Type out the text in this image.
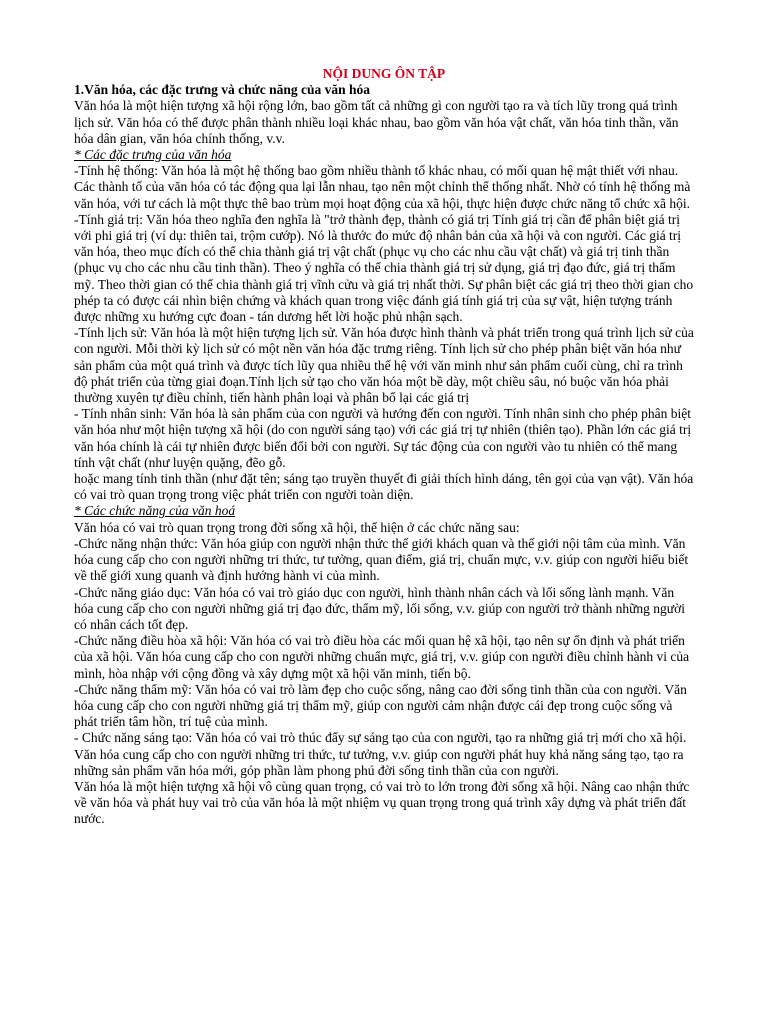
NỘI DUNG ÔN TẬP

1.Văn hóa, các đặc trưng và chức năng của văn hóa

Văn hóa là một hiện tượng xã hội rộng lớn, bao gồm tất cả những gì con người tạo ra và tích lũy trong quá trình lịch sử. Văn hóa có thể được phân thành nhiều loại khác nhau, bao gồm văn hóa vật chất, văn hóa tinh thần, văn hóa dân gian, văn hóa chính thống, v.v.

* Các đặc trưng của văn hóa

-Tính hệ thống: Văn hóa là một hệ thống bao gồm nhiều thành tố khác nhau, có mối quan hệ mật thiết với nhau. Các thành tố của văn hóa có tác động qua lại lẫn nhau, tạo nên một chỉnh thể thống nhất. Nhờ có tính hệ thống mà văn hóa, với tư cách là một thực thê bao trùm mọi hoạt động của xã hội, thực hiện được chức năng tổ chức xã hội.

-Tính giá trị: Văn hóa theo nghĩa đen nghĩa là "trở thành đẹp, thành có giá trị Tính giá trị cần để phân biệt giá trị với phi giá trị (ví dụ: thiên tai, trộm cướp). Nó là thước đo mức độ nhân bản của xã hội và con người. Các giá trị văn hóa, theo mục đích có thể chia thành giá trị vật chất (phục vụ cho các nhu cầu vật chất) và giá trị tinh thần (phục vụ cho các nhu cầu tinh thần). Theo ý nghĩa có thể chia thành giá trị sử dụng, giá trị đạo đức, giá trị thẩm mỹ. Theo thời gian có thể chia thành giá trị vĩnh cửu và giá trị nhất thời. Sự phân biệt các giá trị theo thời gian cho phép ta có được cái nhìn biện chứng và khách quan trong việc đánh giá tính giá trị của sự vật, hiện tượng tránh được những xu hướng cực đoan - tán dương hết lời hoặc phủ nhận sạch.

-Tính lịch sử: Văn hóa là một hiện tượng lịch sử. Văn hóa được hình thành và phát triển trong quá trình lịch sử của con người. Mỗi thời kỳ lịch sử có một nền văn hóa đặc trưng riêng. Tính lịch sử cho phép phân biệt văn hóa như sản phẩm của một quá trình và được tích lũy qua nhiều thế hệ với văn minh như sản phẩm cuối cùng, chỉ ra trình độ phát triển của từng giai đoạn.Tính lịch sử tạo cho văn hóa một bề dày, một chiều sâu, nó buộc văn hóa phải thường xuyên tự điều chỉnh, tiến hành phân loại và phân bổ lại các giá trị

- Tính nhân sinh: Văn hóa là sản phẩm của con người và hướng đến con người. Tính nhân sinh cho phép phân biệt văn hóa như một hiện tượng xã hội (do con người sáng tạo) với các giá trị tự nhiên (thiên tạo). Phần lớn các giá trị văn hóa chính là cái tự nhiên được biến đổi bởi con người. Sự tác động của con người vào tu nhiên có thể mang tính vật chất (như luyện quặng, đẽo gỗ.

hoặc mang tính tinh thần (như đặt tên; sáng tạo truyền thuyết đi giải thích hình dáng, tên gọi của vạn vật). Văn hóa có vai trò quan trọng trong việc phát triển con người toàn diện.

* Các chức năng của văn hoá

Văn hóa có vai trò quan trọng trong đời sống xã hội, thể hiện ở các chức năng sau:

-Chức năng nhận thức: Văn hóa giúp con người nhận thức thế giới khách quan và thế giới nội tâm của mình. Văn hóa cung cấp cho con người những tri thức, tư tưởng, quan điểm, giá trị, chuẩn mực, v.v. giúp con người hiểu biết về thế giới xung quanh và định hướng hành vi của mình.

-Chức năng giáo dục: Văn hóa có vai trò giáo dục con người, hình thành nhân cách và lối sống lành mạnh. Văn hóa cung cấp cho con người những giá trị đạo đức, thẩm mỹ, lối sống, v.v. giúp con người trở thành những người có nhân cách tốt đẹp.

-Chức năng điều hòa xã hội: Văn hóa có vai trò điều hòa các mối quan hệ xã hội, tạo nên sự ổn định và phát triển của xã hội. Văn hóa cung cấp cho con người những chuẩn mực, giá trị, v.v. giúp con người điều chỉnh hành vi của mình, hòa nhập với cộng đồng và xây dựng một xã hội văn minh, tiến bộ.

-Chức năng thẩm mỹ: Văn hóa có vai trò làm đẹp cho cuộc sống, nâng cao đời sống tinh thần của con người. Văn hóa cung cấp cho con người những giá trị thẩm mỹ, giúp con người cảm nhận được cái đẹp trong cuộc sống và phát triển tâm hồn, trí tuệ của mình.

- Chức năng sáng tạo: Văn hóa có vai trò thúc đẩy sự sáng tạo của con người, tạo ra những giá trị mới cho xã hội. Văn hóa cung cấp cho con người những tri thức, tư tưởng, v.v. giúp con người phát huy khả năng sáng tạo, tạo ra những sản phẩm văn hóa mới, góp phần làm phong phú đời sống tinh thần của con người.

Văn hóa là một hiện tượng xã hội vô cùng quan trọng, có vai trò to lớn trong đời sống xã hội. Nâng cao nhận thức về văn hóa và phát huy vai trò của văn hóa là một nhiệm vụ quan trọng trong quá trình xây dựng và phát triển đất nước.
